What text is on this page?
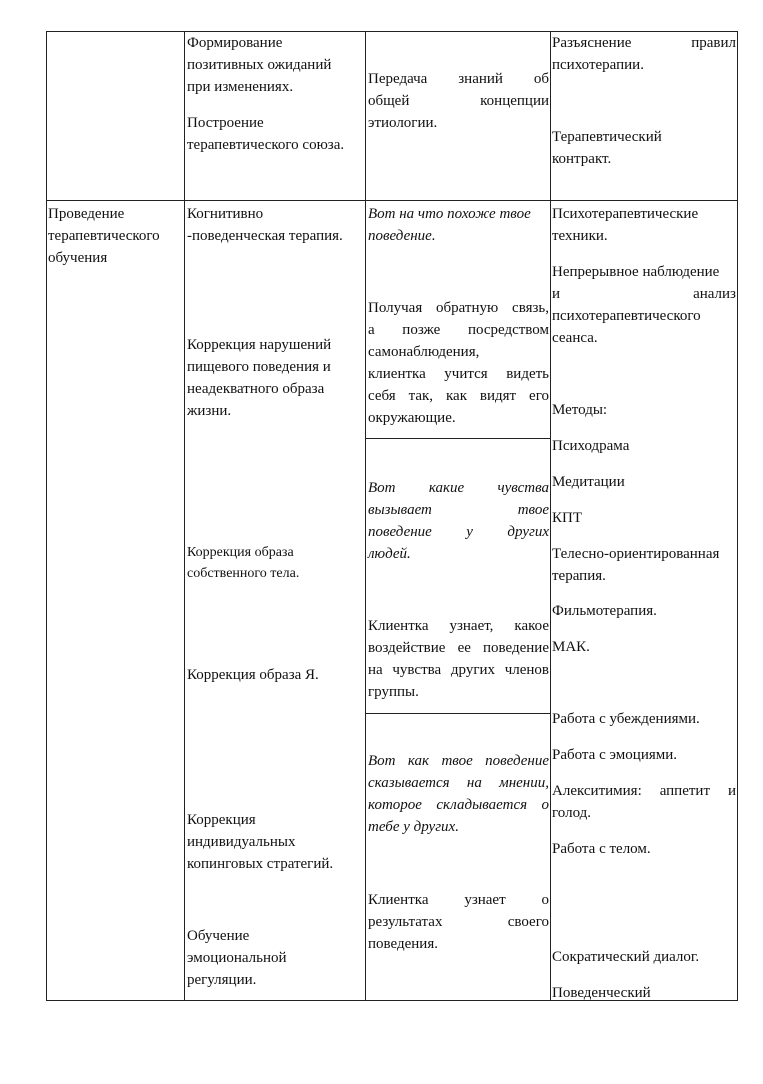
Формирование
позитивных ожиданий
при изменениях.
Построение
терапевтического союза.
Передача знаний об
общей концепции
этиологии.
Разъяснение правил
психотерапии.
Терапевтический
контракт.
Проведение
терапевтического
обучения
Когнитивно
-поведенческая терапия.
Коррекция нарушений
пищевого поведения и
неадекватного образа
жизни.
Коррекция образа
собственного тела.
Коррекция образа Я.
Коррекция
индивидуальных
копинговых стратегий.
Обучение
эмоциональной
регуляции.
Вот на что похоже твое
поведение.
Получая обратную связь,
а позже посредством
самонаблюдения,
клиентка учится видеть
себя так, как видят его
окружающие.
Вот какие чувства
вызывает твое
поведение у других
людей.
Клиентка узнает, какое
воздействие ее поведение
на чувства других членов
группы.
Вот как твое поведение
сказывается на мнении,
которое складывается о
тебе у других.
Клиентка узнает о
результатах своего
поведения.
Психотерапевтические
техники.
Непрерывное наблюдение
и анализ
психотерапевтического
сеанса.
Методы:
Психодрама
Медитации
КПТ
Телесно-ориентированная
терапия.
Фильмотерапия.
МАК.
Работа с убеждениями.
Работа с эмоциями.
Алекситимия: аппетит и
голод.
Работа с телом.
Сократический диалог.
Поведенческий
